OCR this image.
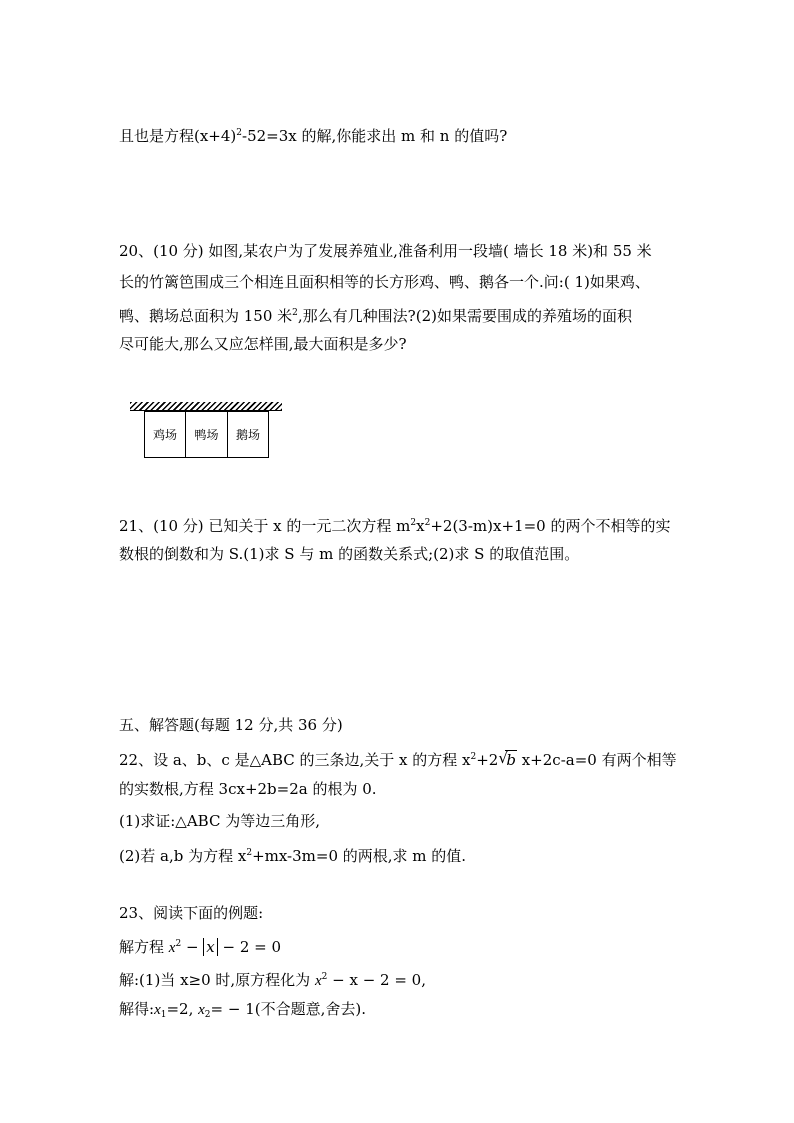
且也是方程$(x+4)^2-52=3x$ 的解,你能求出 m 和 n 的值吗?
20、(10 分) 如图,某农户为了发展养殖业,准备利用一段墙( 墙长 18 米)和 55 米
长的竹篱笆围成三个相连且面积相等的长方形鸡、鸭、鹅各一个.问:( 1)如果鸡、
鸭、鹅场总面积为 150 米$^2$,那么有几种围法?(2)如果需要围成的养殖场的面积
尽可能大,那么又应怎样围,最大面积是多少?
鸡场	鸭场	鹅场
21、(10 分) 已知关于 x 的一元二次方程 $m^2x^2+2(3-m)x+1=0$ 的两个不相等的实
数根的倒数和为 S.(1)求 S 与 m 的函数关系式;(2)求 S 的取值范围。
五、解答题(每题 12 分,共 36 分)
22、设 a、b、c 是△ABC 的三条边,关于 x 的方程 $x^2+2$ √
b x+2c-a=0 有两个相等
的实数根,方程 3cx+2b=2a 的根为 0.
(1)求证:△ABC 为等边三角形,
(2)若 a,b 为方程 $x^2+mx-3m=0$ 的两根,求 m 的值.
23、阅读下面的例题:
解方程 $x^2 - x - 2 = 0$
解:(1)当 x≥0 时,原方程化为 $x^2 - x - 2 = 0$,
解得$:x_1=2$, $x_2= - 1$(不合题意,舍去).
